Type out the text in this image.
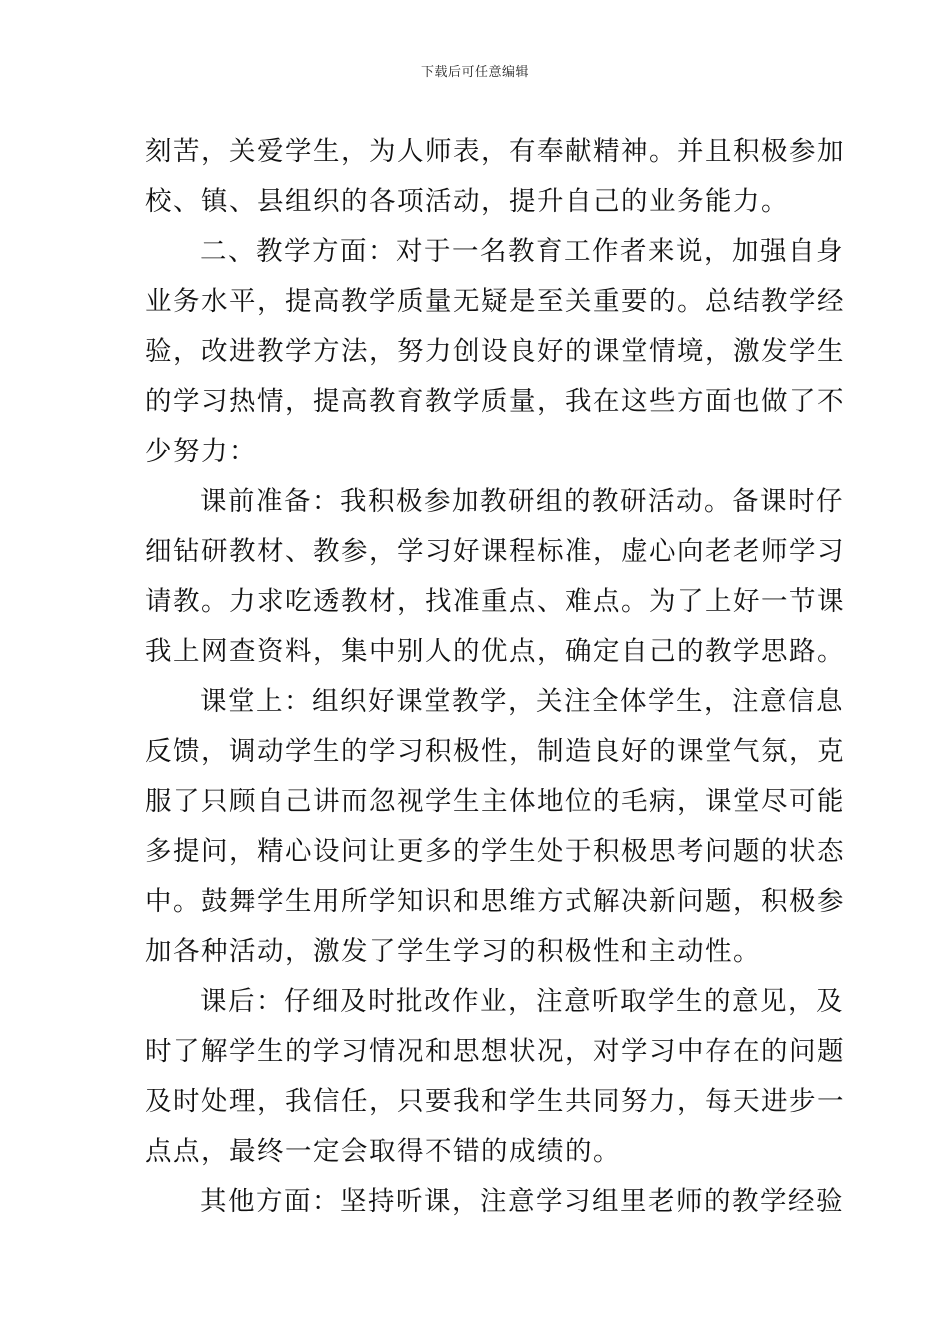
下载后可任意编辑
刻苦，关爱学生，为人师表，有奉献精神。并且积极参加
校、镇、县组织的各项活动，提升自己的业务能力。
二、教学方面：对于一名教育工作者来说，加强自身
业务水平，提高教学质量无疑是至关重要的。总结教学经
验，改进教学方法，努力创设良好的课堂情境，激发学生
的学习热情，提高教育教学质量，我在这些方面也做了不
少努力：
课前准备：我积极参加教研组的教研活动。备课时仔
细钻研教材、教参，学习好课程标准，虚心向老老师学习
请教。力求吃透教材，找准重点、难点。为了上好一节课
我上网查资料，集中别人的优点，确定自己的教学思路。
课堂上：组织好课堂教学，关注全体学生，注意信息
反馈，调动学生的学习积极性，制造良好的课堂气氛，克
服了只顾自己讲而忽视学生主体地位的毛病，课堂尽可能
多提问，精心设问让更多的学生处于积极思考问题的状态
中。鼓舞学生用所学知识和思维方式解决新问题，积极参
加各种活动，激发了学生学习的积极性和主动性。
课后：仔细及时批改作业，注意听取学生的意见，及
时了解学生的学习情况和思想状况，对学习中存在的问题
及时处理，我信任，只要我和学生共同努力，每天进步一
点点，最终一定会取得不错的成绩的。
其他方面：坚持听课，注意学习组里老师的教学经验
